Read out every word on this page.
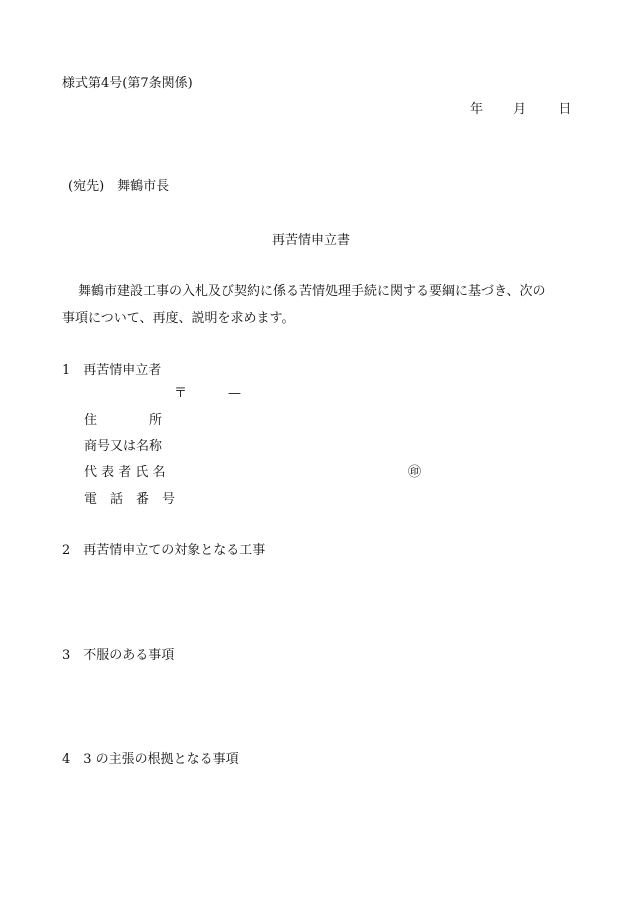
様式第4号(第7条関係)
年 月 日
(宛先)　舞鶴市長
再苦情申立書
舞鶴市建設工事の入札及び契約に係る苦情処理手続に関する要綱に基づき、次の
事項について、再度、説明を求めます。
1　再苦情申立者
〒	—
住　　　　所
商号又は名称
代 表 者 氏 名	㊞
電　話　番　号
2　再苦情申立ての対象となる工事
3　不服のある事項
4　3 の主張の根拠となる事項
